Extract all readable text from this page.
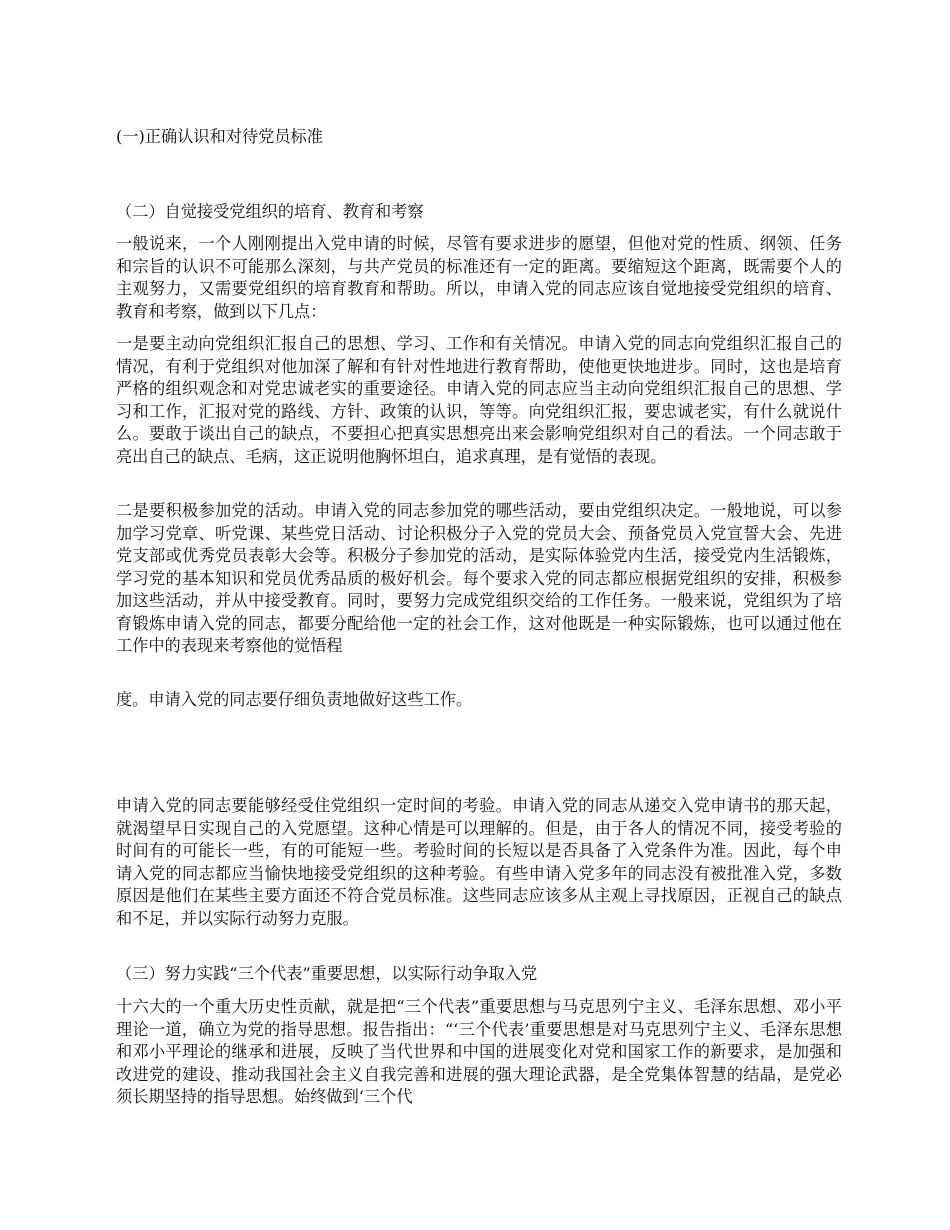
(一)正确认识和对待党员标准

（二）自觉接受党组织的培育、教育和考察

一般说来，一个人刚刚提出入党申请的时候，尽管有要求进步的愿望，但他对党的性质、纲领、任务和宗旨的认识不可能那么深刻，与共产党员的标准还有一定的距离。要缩短这个距离，既需要个人的主观努力，又需要党组织的培育教育和帮助。所以，申请入党的同志应该自觉地接受党组织的培育、教育和考察，做到以下几点：

一是要主动向党组织汇报自己的思想、学习、工作和有关情况。申请入党的同志向党组织汇报自己的情况，有利于党组织对他加深了解和有针对性地进行教育帮助，使他更快地进步。同时，这也是培育严格的组织观念和对党忠诚老实的重要途径。申请入党的同志应当主动向党组织汇报自己的思想、学习和工作，汇报对党的路线、方针、政策的认识，等等。向党组织汇报，要忠诚老实，有什么就说什么。要敢于谈出自己的缺点，不要担心把真实思想亮出来会影响党组织对自己的看法。一个同志敢于亮出自己的缺点、毛病，这正说明他胸怀坦白，追求真理，是有觉悟的表现。

二是要积极参加党的活动。申请入党的同志参加党的哪些活动，要由党组织决定。一般地说，可以参加学习党章、听党课、某些党日活动、讨论积极分子入党的党员大会、预备党员入党宣誓大会、先进党支部或优秀党员表彰大会等。积极分子参加党的活动，是实际体验党内生活，接受党内生活锻炼，学习党的基本知识和党员优秀品质的极好机会。每个要求入党的同志都应根据党组织的安排，积极参加这些活动，并从中接受教育。同时，要努力完成党组织交给的工作任务。一般来说，党组织为了培育锻炼申请入党的同志，都要分配给他一定的社会工作，这对他既是一种实际锻炼，也可以通过他在工作中的表现来考察他的觉悟程

度。申请入党的同志要仔细负责地做好这些工作。

申请入党的同志要能够经受住党组织一定时间的考验。申请入党的同志从递交入党申请书的那天起，就渴望早日实现自己的入党愿望。这种心情是可以理解的。但是，由于各人的情况不同，接受考验的时间有的可能长一些，有的可能短一些。考验时间的长短以是否具备了入党条件为准。因此，每个申请入党的同志都应当愉快地接受党组织的这种考验。有些申请入党多年的同志没有被批准入党，多数原因是他们在某些主要方面还不符合党员标准。这些同志应该多从主观上寻找原因，正视自己的缺点和不足，并以实际行动努力克服。

（三）努力实践“三个代表”重要思想，以实际行动争取入党

十六大的一个重大历史性贡献，就是把“三个代表”重要思想与马克思列宁主义、毛泽东思想、邓小平理论一道，确立为党的指导思想。报告指出：“‘三个代表’重要思想是对马克思列宁主义、毛泽东思想和邓小平理论的继承和进展，反映了当代世界和中国的进展变化对党和国家工作的新要求，是加强和改进党的建设、推动我国社会主义自我完善和进展的强大理论武器，是全党集体智慧的结晶，是党必须长期坚持的指导思想。始终做到‘三个代
